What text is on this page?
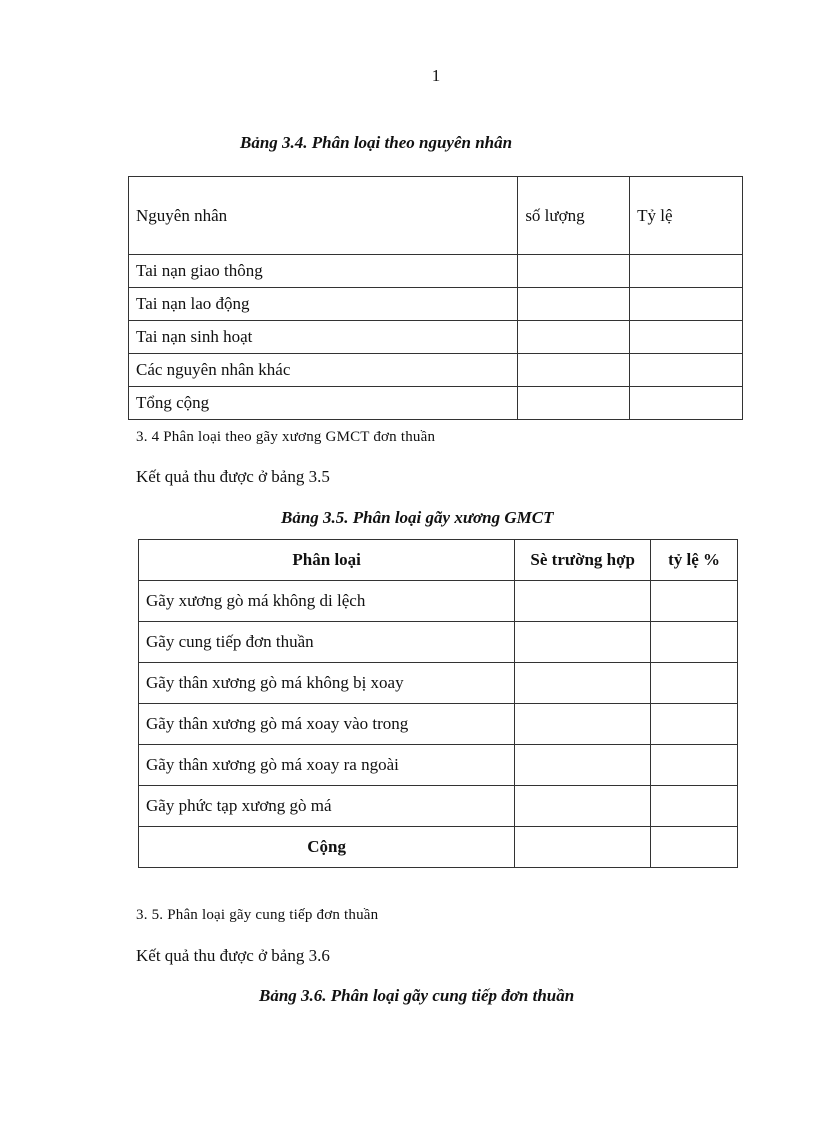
1
Bảng 3.4. Phân loại theo nguyên nhân
Nguyên nhân	số lượng	Tỷ lệ
Tai nạn giao thông		
Tai nạn lao động		
Tai nạn sinh hoạt		
Các nguyên nhân khác		
Tổng cộng		
3. 4 Phân loại theo gãy xương GMCT đơn thuần
Kết quả thu được ở bảng 3.5
Bảng 3.5. Phân loại gãy xương GMCT
Phân loại	Sè trường hợp	tỷ lệ %
Gãy xương gò má không di lệch		
Gãy cung tiếp đơn thuần		
Gãy thân xương gò má không bị xoay		
Gãy thân xương gò má xoay vào trong		
Gãy thân xương gò má xoay ra ngoài		
Gãy phức tạp xương gò má		
Cộng		
3. 5. Phân loại gãy cung tiếp đơn thuần
Kết quả thu được ở bảng 3.6
Bảng 3.6. Phân loại gãy cung tiếp đơn thuần
